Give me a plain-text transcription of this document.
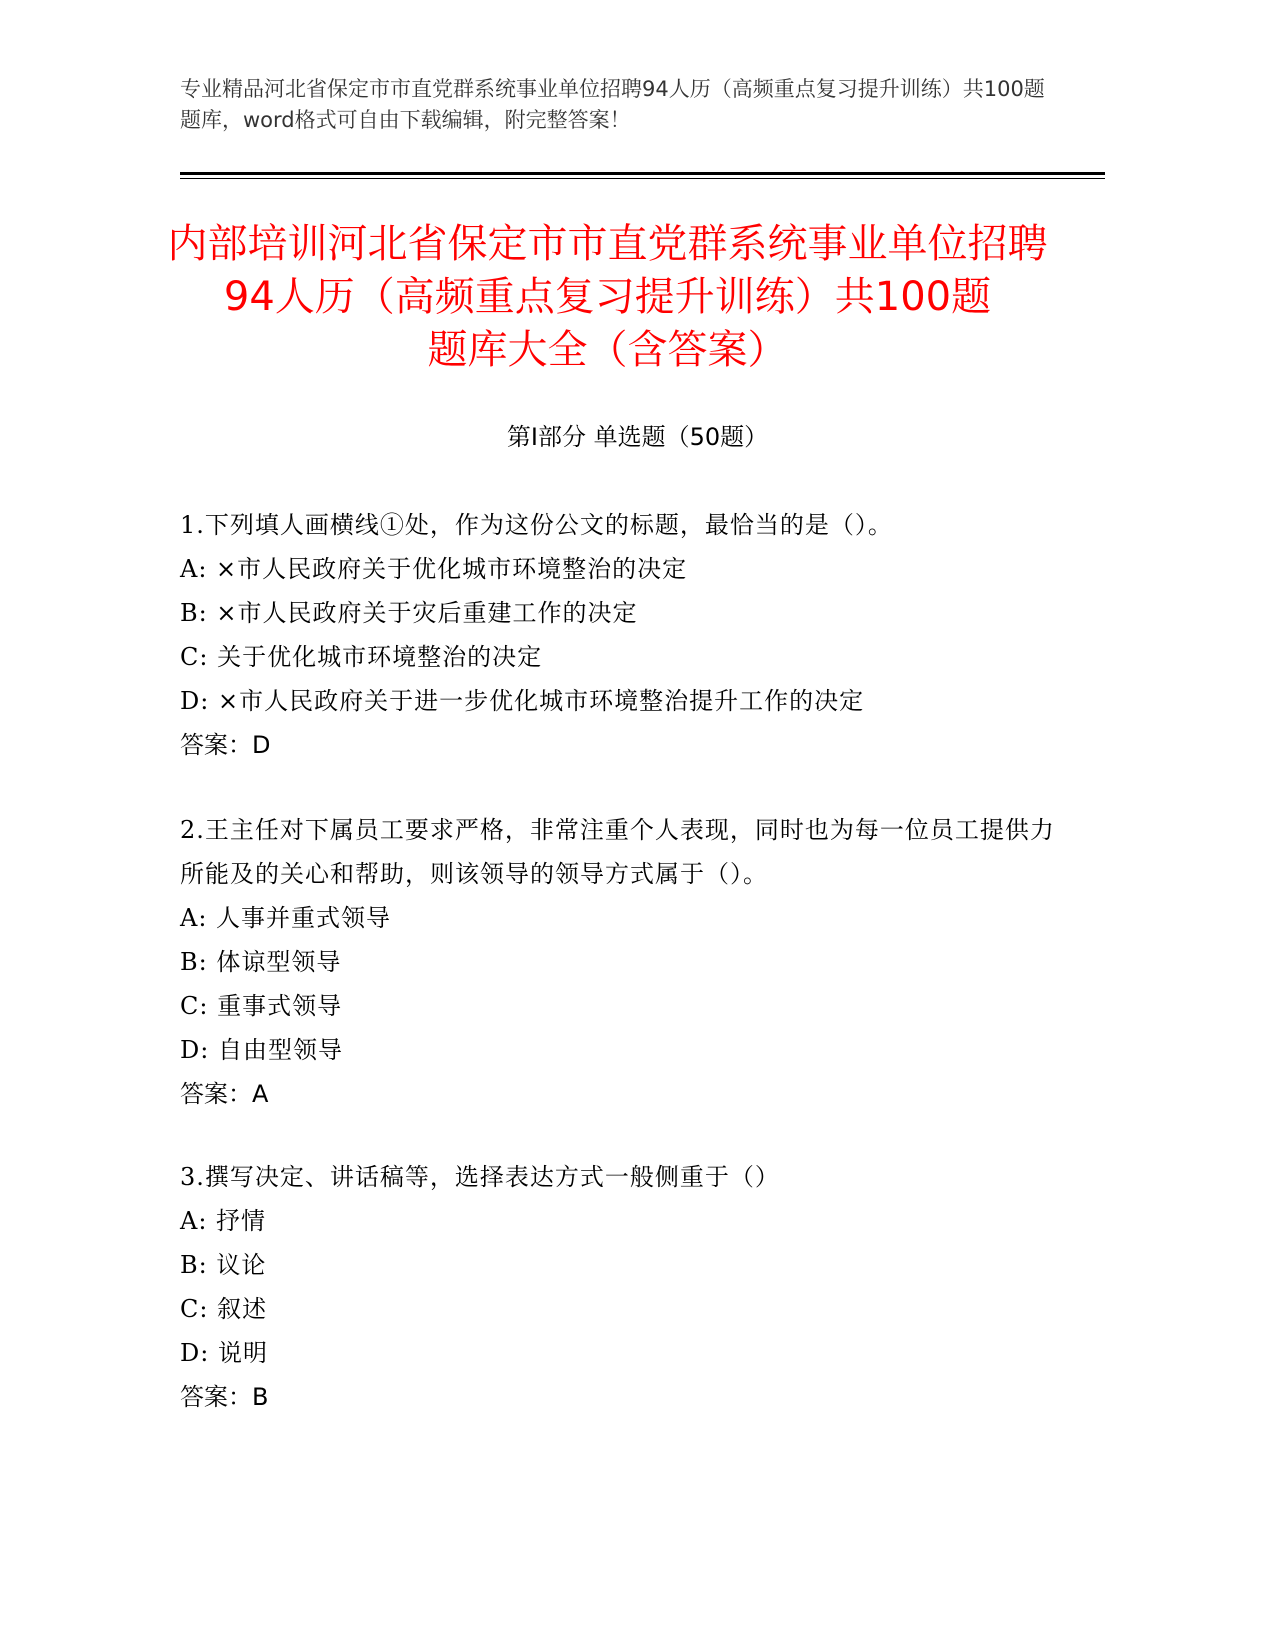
专业精品河北省保定市市直党群系统事业单位招聘94人历（高频重点复习提升训练）共100题　　　题库，word格式可自由下载编辑，附完整答案！
内部培训河北省保定市市直党群系统事业单位招聘94人历（高频重点复习提升训练）共100题　　　题库大全（含答案）
第Ⅰ部分 单选题（50题）
1.下列填人画横线①处，作为这份公文的标题，最恰当的是（）。
A: ×市人民政府关于优化城市环境整治的决定
B: ×市人民政府关于灾后重建工作的决定
C: 关于优化城市环境整治的决定
D: ×市人民政府关于进一步优化城市环境整治提升工作的决定
答案：D
2.王主任对下属员工要求严格，非常注重个人表现，同时也为每一位员工提供力所能及的关心和帮助，则该领导的领导方式属于（）。
A: 人事并重式领导
B: 体谅型领导
C: 重事式领导
D: 自由型领导
答案：A
3.撰写决定、讲话稿等，选择表达方式一般侧重于（）
A: 抒情
B: 议论
C: 叙述
D: 说明
答案：B
